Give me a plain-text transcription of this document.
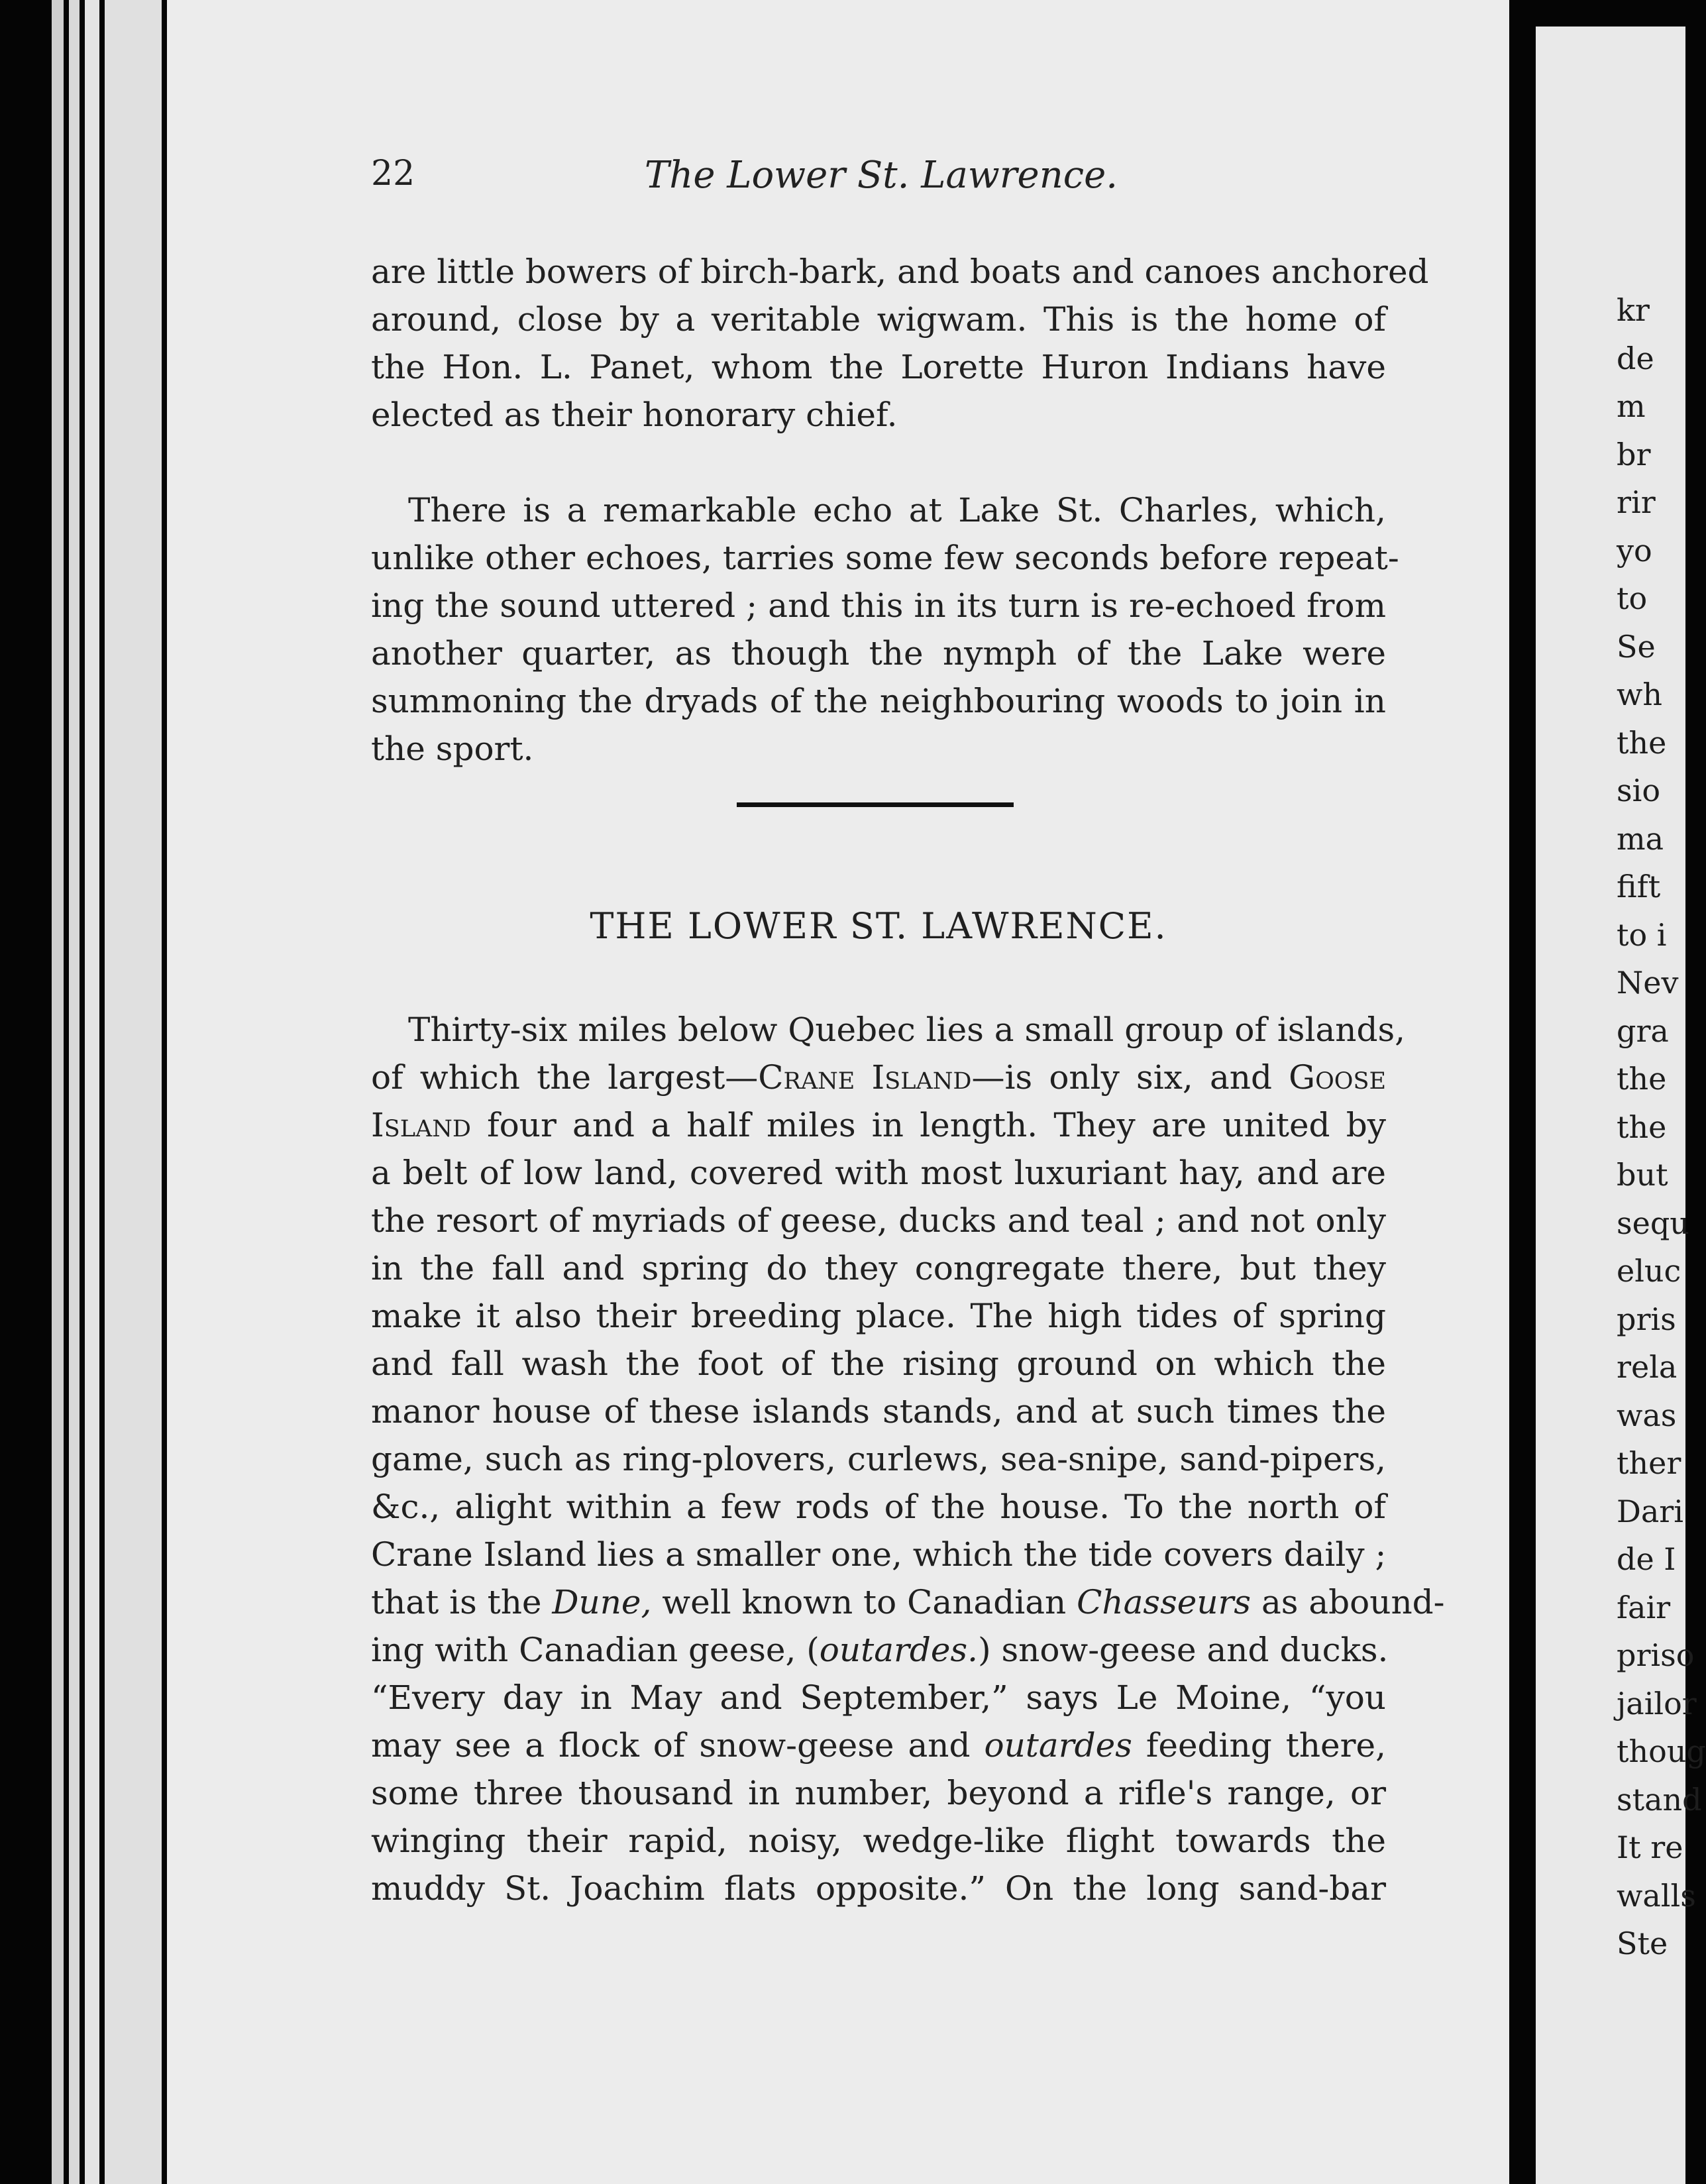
kr
de
m
br
rir
yo
to
Se
wh
the
sio
ma
fift
to i
Nev
gra
the
the
but
sequ
eluc
pris
rela
was
ther
Dari
de I
fair
priso
jailor
thoug
stand
It re
walls
Ste
22	The Lower St. Lawrence.
are little bowers of birch-bark, and boats and canoes anchored
around, close by a veritable wigwam. This is the home of
the Hon. L. Panet, whom the Lorette Huron Indians have
elected as their honorary chief.
There is a remarkable echo at Lake St. Charles, which,
unlike other echoes, tarries some few seconds before repeat-
ing the sound uttered ; and this in its turn is re-echoed from
another quarter, as though the nymph of the Lake were
summoning the dryads of the neighbouring woods to join in
the sport.
THE LOWER ST. LAWRENCE.
Thirty-six miles below Quebec lies a small group of islands,
of which the largest—Crane Island—is only six, and Goose
Island four and a half miles in length. They are united by
a belt of low land, covered with most luxuriant hay, and are
the resort of myriads of geese, ducks and teal ; and not only
in the fall and spring do they congregate there, but they
make it also their breeding place. The high tides of spring
and fall wash the foot of the rising ground on which the
manor house of these islands stands, and at such times the
game, such as ring-plovers, curlews, sea-snipe, sand-pipers,
&c., alight within a few rods of the house. To the north of
Crane Island lies a smaller one, which the tide covers daily ;
that is the Dune, well known to Canadian Chasseurs as abound-
ing with Canadian geese, (outardes.) snow-geese and ducks.
“Every day in May and September,” says Le Moine, “you
may see a flock of snow-geese and outardes feeding there,
some three thousand in number, beyond a rifle's range, or
winging their rapid, noisy, wedge-like flight towards the
muddy St. Joachim flats opposite.” On the long sand-bar
